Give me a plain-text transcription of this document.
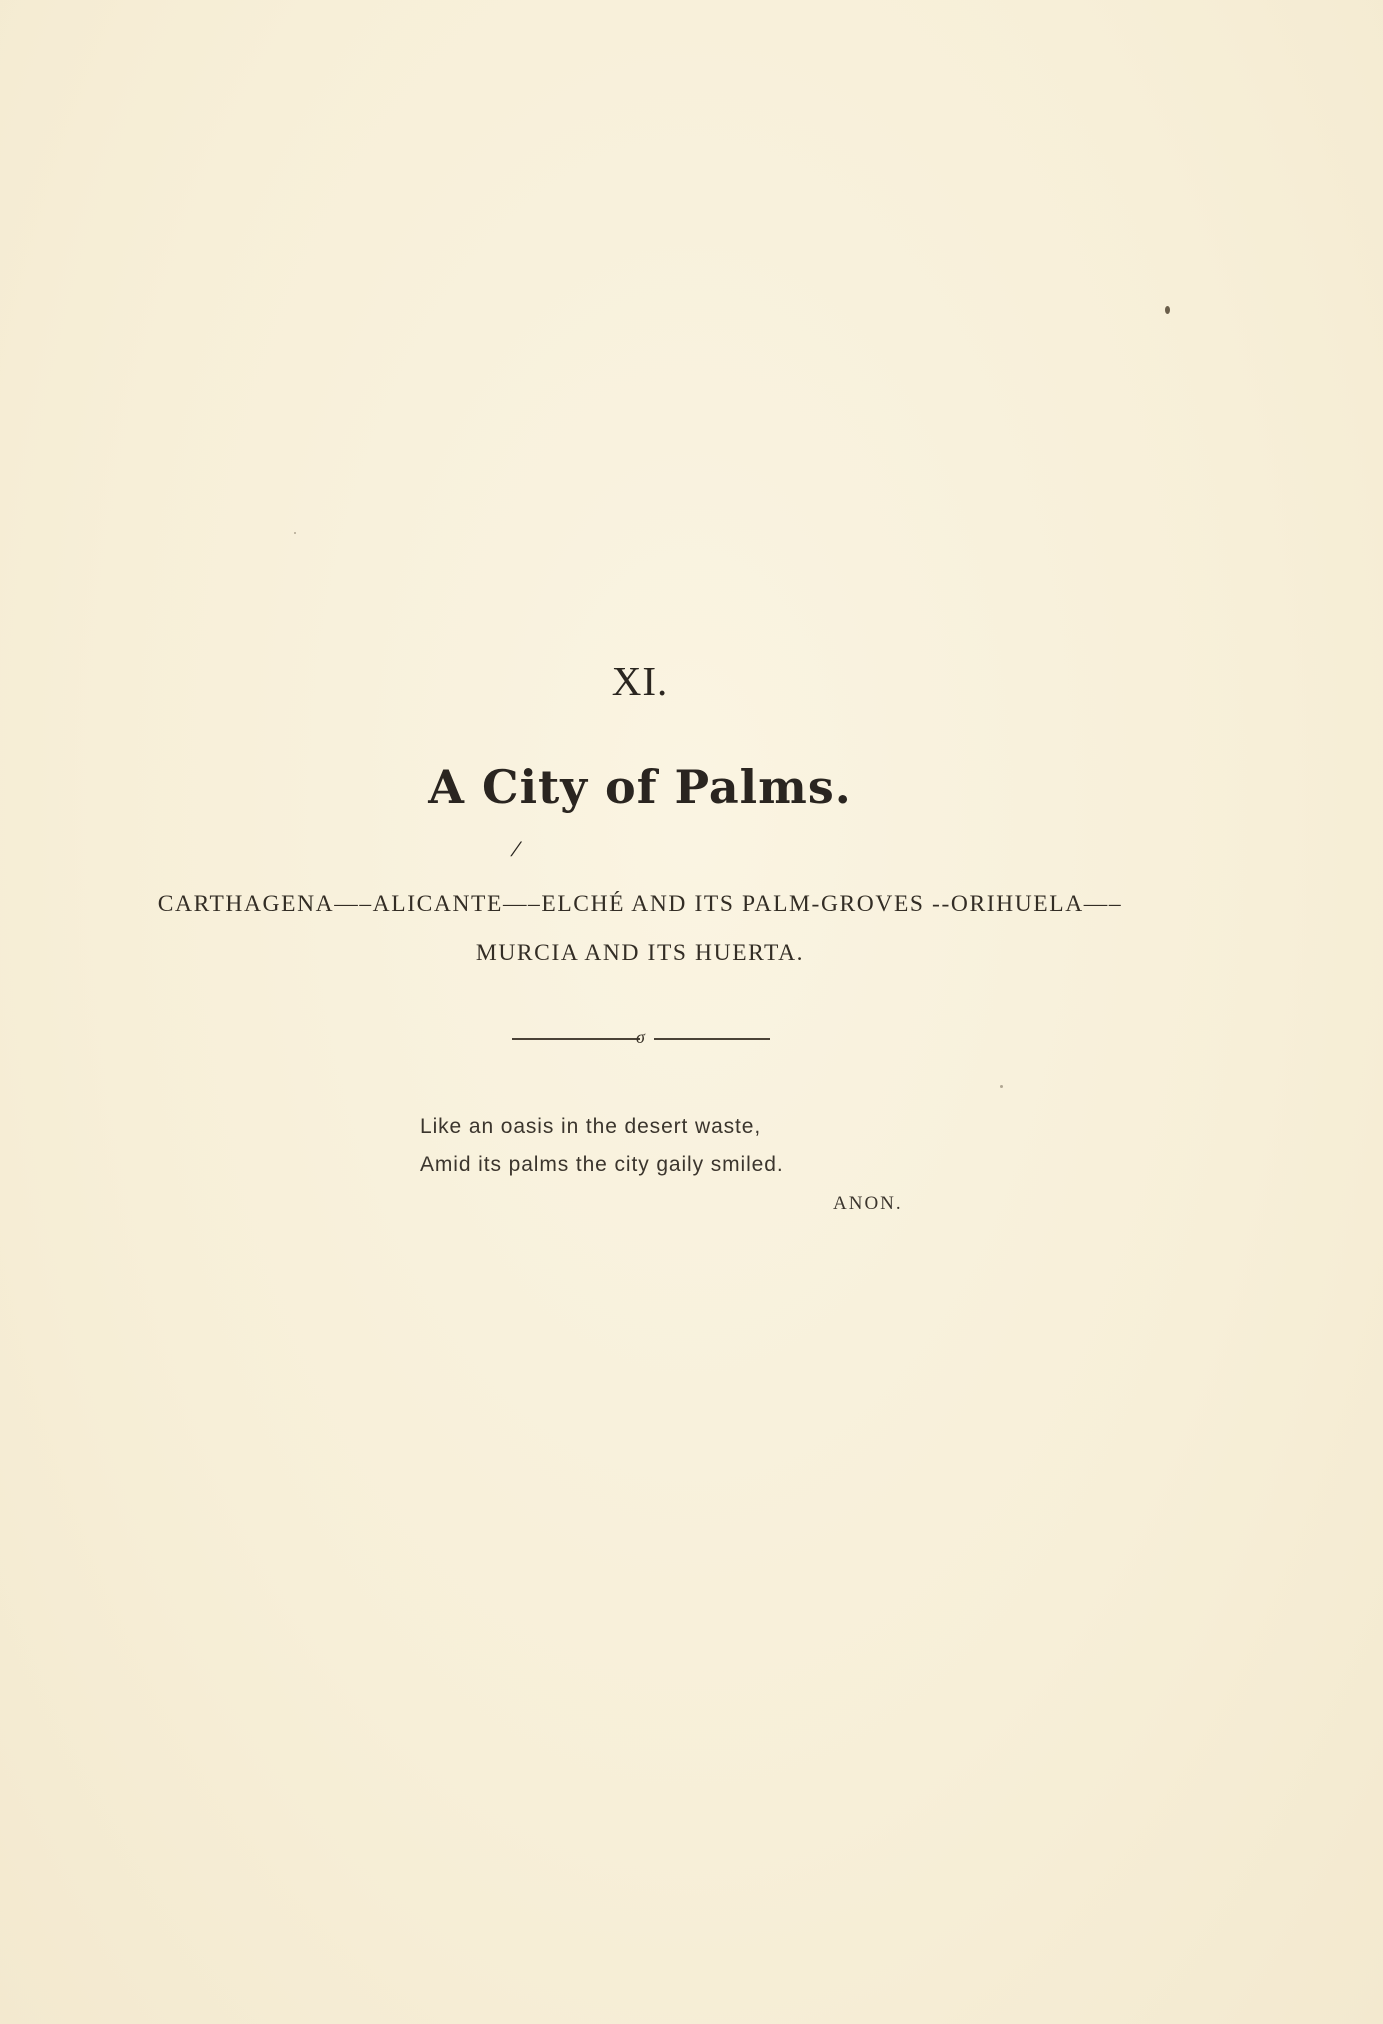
XI.
A City of Palms.
/
CARTHAGENA—–ALICANTE—–ELCHÉ AND ITS PALM-GROVES --ORIHUELA—–
MURCIA AND ITS HUERTA.
σ
Like an oasis in the desert waste,
Amid its palms the city gaily smiled.
ANON.
